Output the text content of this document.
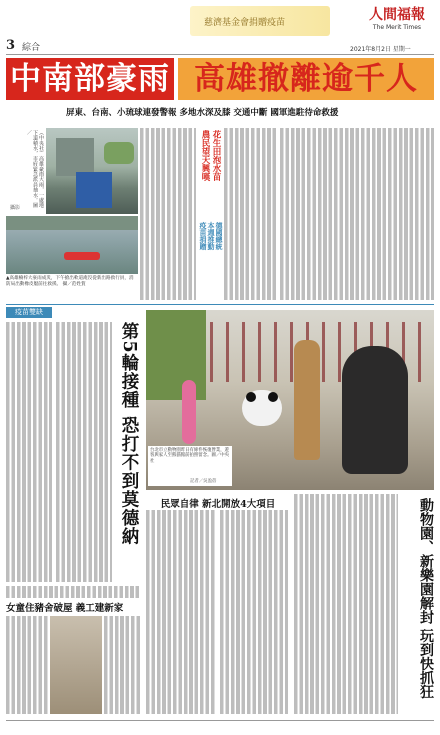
3 綜合
慈濟基金會捐贈疫苗	人間福報
The Merit Times
2021年8月2日 星期一
中南部豪雨 高雄撤離逾千人
屏東、台南、小琉球連發警報 多地水深及膝 交通中斷 國軍進駐待命救援
（中央社）高雄豪雨大雨，一處地下道積水，市府緊急派員抽水。圖／
攝影
▲高雄楠梓大豪雨成災，下午搶出軟道淹沒從新出路救行員，消防局出動橡皮艇前往救援。 攝／范姓賀
花生田泡水苗
農民望天興嘆
德國總統
本週推動
疫苗捐贈
疫苗雙缺
第5輪接種 恐打不到莫德納	台北市立動物園昨日有條件恢復營業，遊客與家人至熊貓館前拍照留念。圖／中央社
記者／吳盈蓓
民眾自律 新北開放4大項目	動物園、新樂園解封 玩到快抓狂
女童住豬舍破屋 義工建新家
